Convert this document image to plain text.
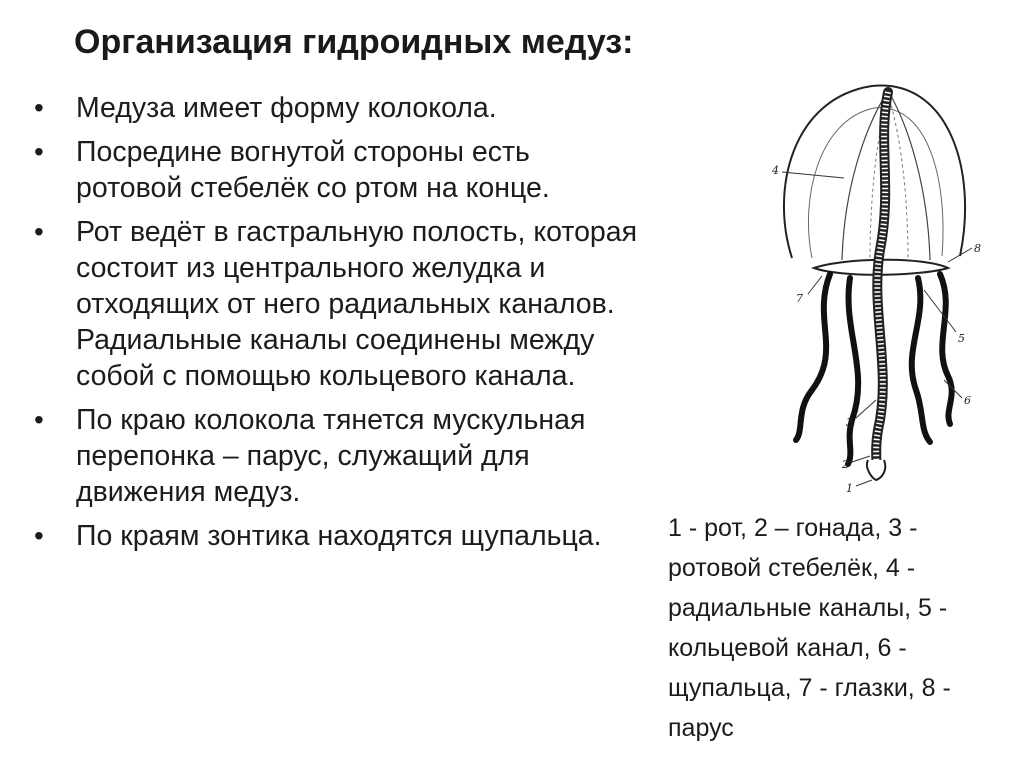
Организация гидроидных медуз:
• Медуза имеет форму колокола.
• Посредине вогнутой стороны есть ротовой стебелёк со ртом на конце.
• Рот ведёт в гастральную полость, которая состоит из центрального желудка и отходящих от него радиальных каналов. Радиальные каналы соединены между собой с помощью кольцевого канала.
• По краю колокола тянется мускульная перепонка – парус, служащий для движения медуз.
• По краям зонтика находятся щупальца.
4
8
7
5
6
3
2
1

1 - рот, 2 – гонада, 3 - ротовой стебелёк, 4 - радиальные каналы, 5 - кольцевой канал, 6 - щупальца, 7 - глазки, 8 - парус
